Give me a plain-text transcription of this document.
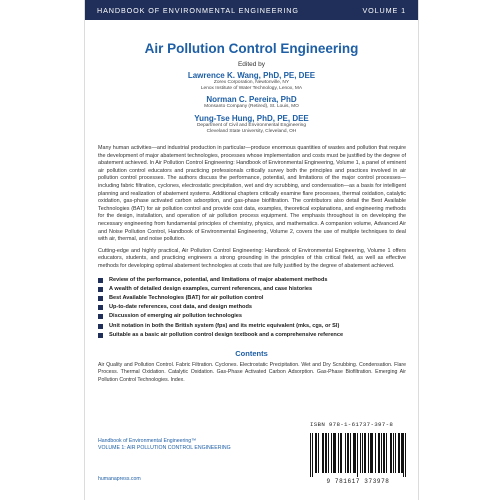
HANDBOOK OF ENVIRONMENTAL ENGINEERING	VOLUME 1
Air Pollution Control Engineering
Edited by
Lawrence K. Wang, PhD, PE, DEE
Zorex Corporation, Newtonville, NY
Lenox Institute of Water Technology, Lenox, MA
Norman C. Pereira, PhD
Monsanto Company (Retired), St. Louis, MO
Yung-Tse Hung, PhD, PE, DEE
Department of Civil and Environmental Engineering
Cleveland State University, Cleveland, OH

Many human activities—and industrial production in particular—produce enormous quantities of wastes and pollution that require the development of major abatement technologies, processes whose implementation and costs must be justified by the degree of abatement achieved. In Air Pollution Control Engineering: Handbook of Environmental Engineering, Volume 1, a panel of eminent air pollution control educators and practicing professionals critically survey both the principles and practices involved in air pollution control processes. The authors discuss the performance, potential, and limitations of the major control processes—including fabric filtration, cyclones, electrostatic precipitation, wet and dry scrubbing, and condensation—as a basis for intelligent planning and realization of abatement systems. Additional chapters critically examine flare processes, thermal oxidation, catalytic oxidation, gas-phase activated carbon adsorption, and gas-phase biofiltration. The contributors also detail the Best Available Technologies (BAT) for air pollution control and provide cost data, examples, theoretical explanations, and engineering methods for the design, installation, and operation of air pollution process equipment. The emphasis throughout is on developing the necessary engineering from fundamental principles of chemistry, physics, and mathematics. A companion volume, Advanced Air and Noise Pollution Control, Handbook of Environmental Engineering, Volume 2, covers the use of multiple techniques to deal with air, thermal, and noise pollution.

Cutting-edge and highly practical, Air Pollution Control Engineering: Handbook of Environmental Engineering, Volume 1 offers educators, students, and practicing engineers a strong grounding in the principles of this critical field, as well as effective methods for developing optimal abatement technologies at costs that are fully justified by the degree of abatement achieved.

Review of the performance, potential, and limitations of major abatement methods
A wealth of detailed design examples, current references, and case histories
Best Available Technologies (BAT) for air pollution control
Up-to-date references, cost data, and design methods
Discussion of emerging air pollution technologies
Unit notation in both the British system (fps) and its metric equivalent (mks, cgs, or SI)
Suitable as a basic air pollution control design textbook and a comprehensive reference
Contents
Air Quality and Pollution Control. Fabric Filtration. Cyclones. Electrostatic Precipitation. Wet and Dry Scrubbing. Condensation. Flare Process. Thermal Oxidation. Catalytic Oxidation. Gas-Phase Activated Carbon Adsorption. Gas-Phase Biofiltration. Emerging Air Pollution Control Technologies. Index.
Handbook of Environmental Engineering™
VOLUME 1: AIR POLLUTION CONTROL ENGINEERING
humanapress.com
ISBN 978-1-61737-397-8
9 781617 373978
